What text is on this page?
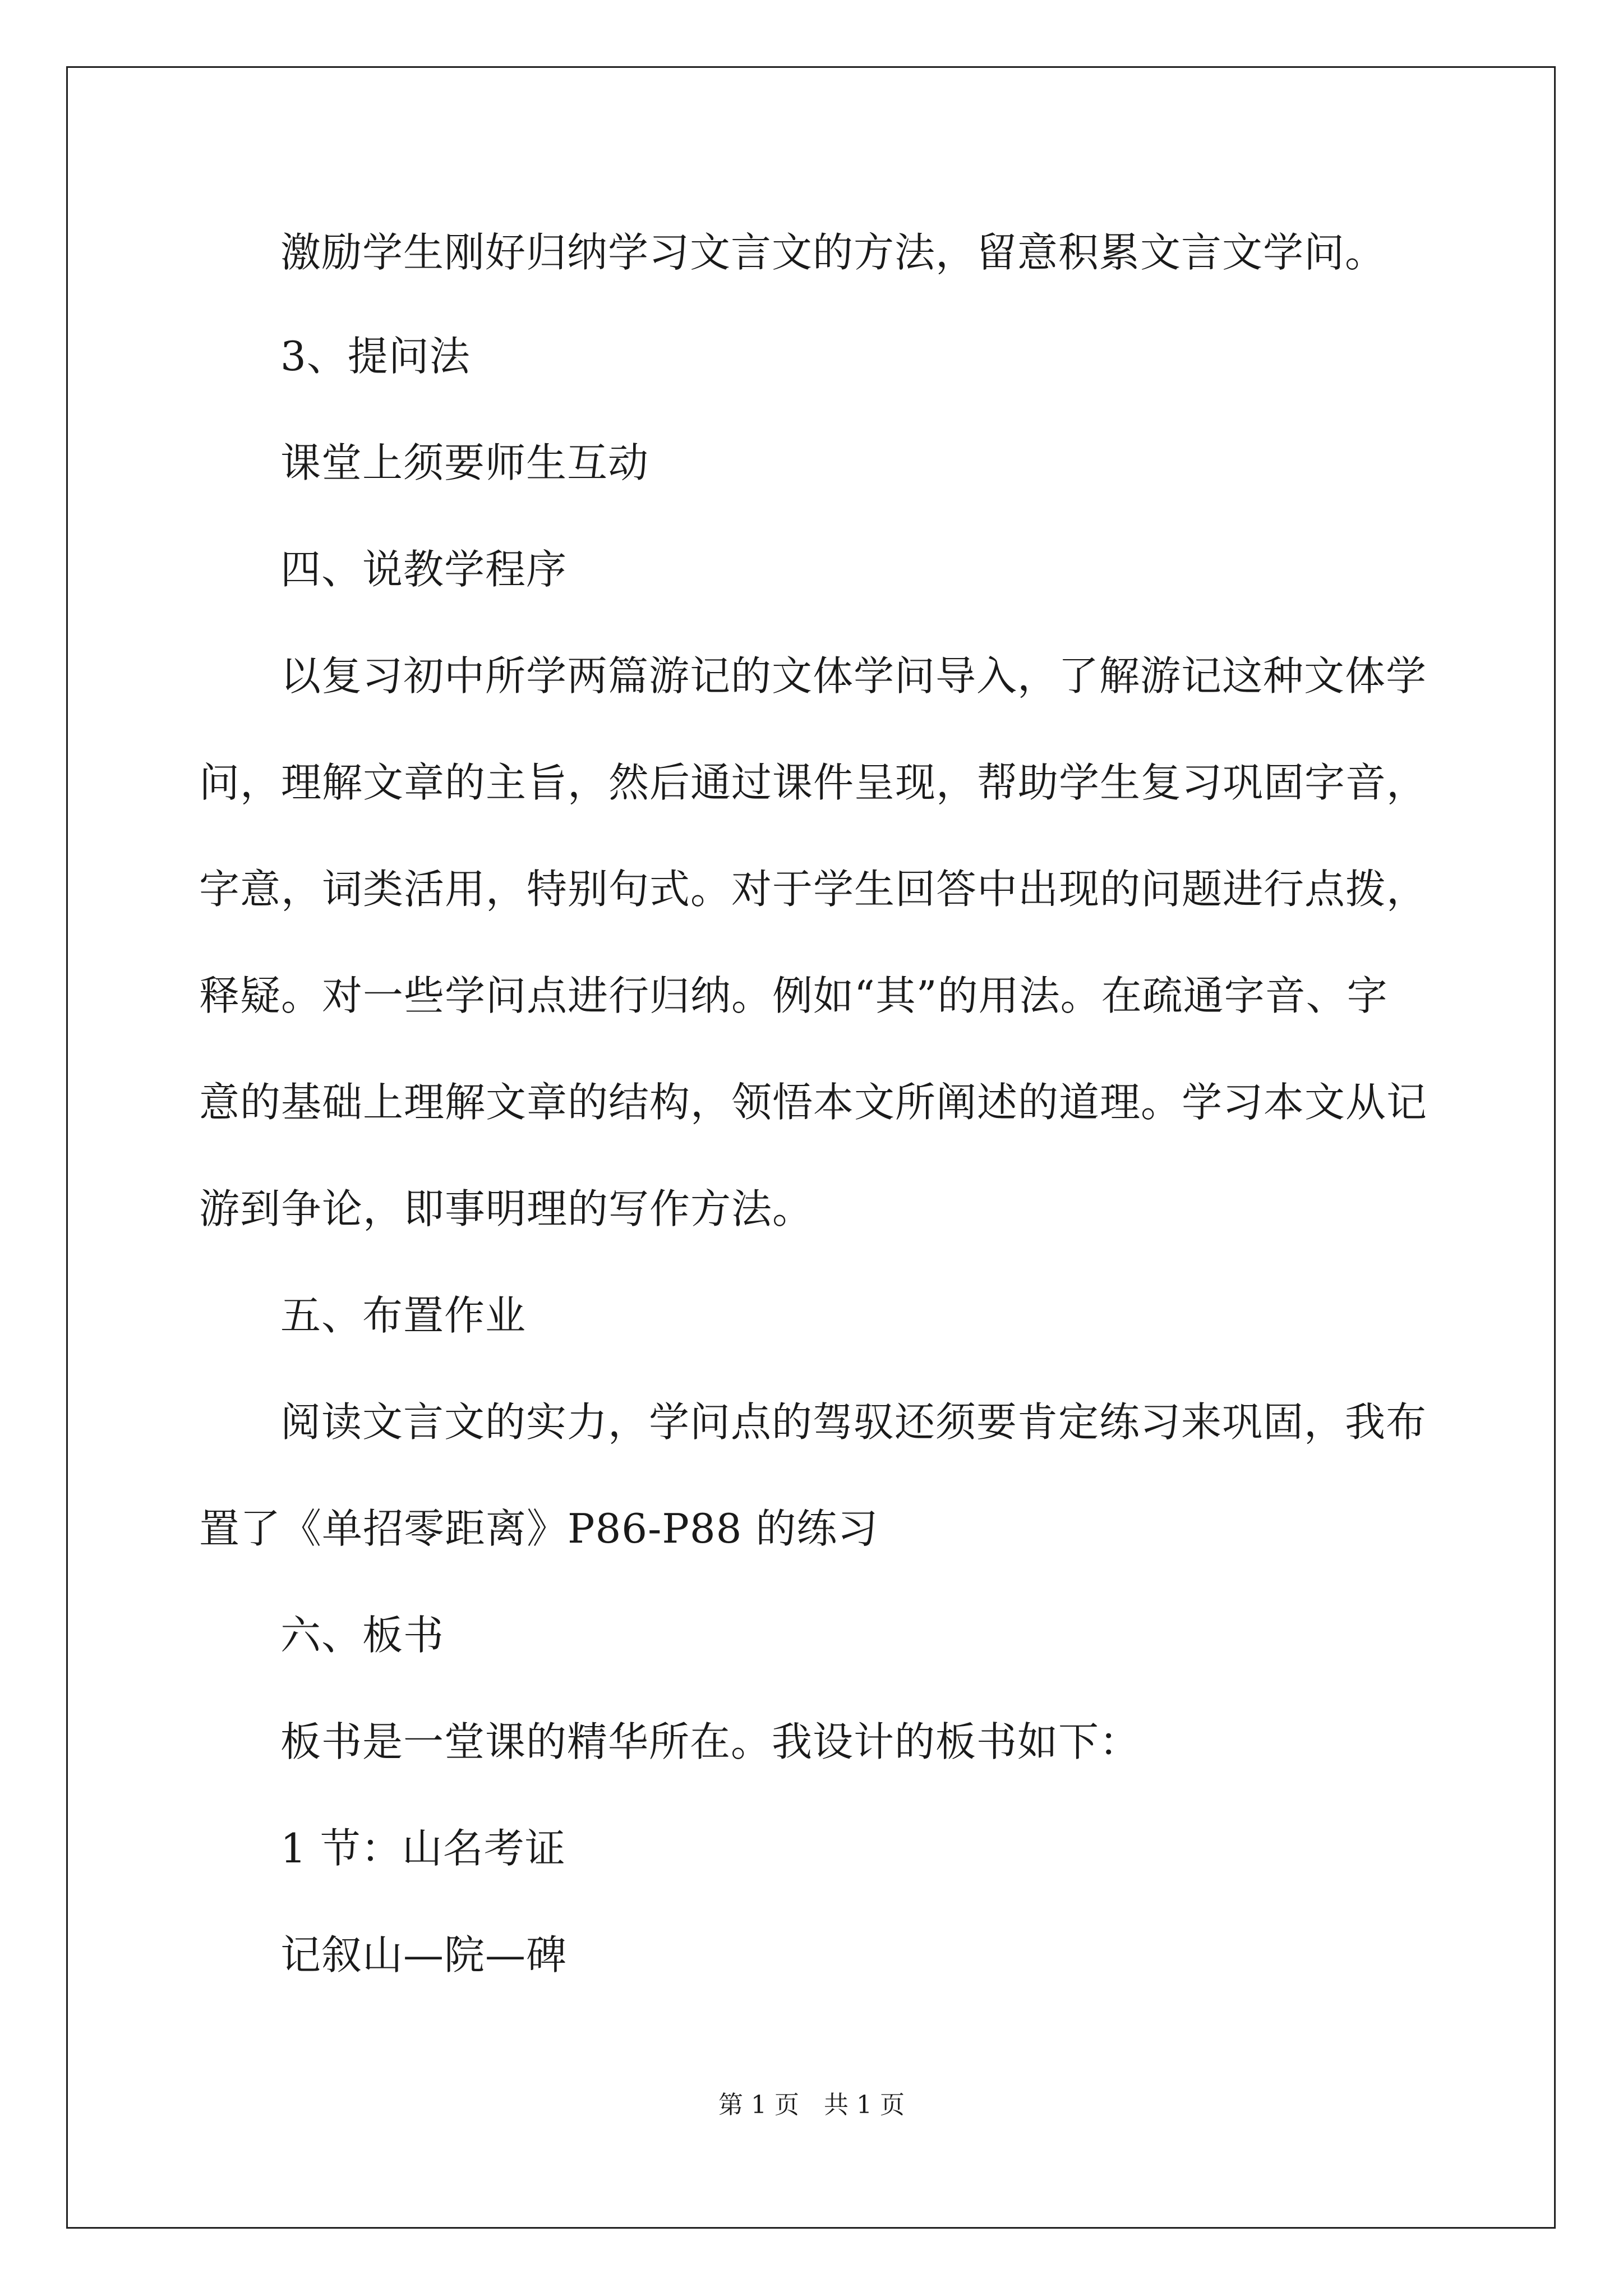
激励学生刚好归纳学习文言文的方法，留意积累文言文学问。
3、提问法
课堂上须要师生互动
四、说教学程序
以复习初中所学两篇游记的文体学问导入，了解游记这种文体学
问，理解文章的主旨，然后通过课件呈现，帮助学生复习巩固字音，
字意，词类活用，特别句式。对于学生回答中出现的问题进行点拨，
释疑。对一些学问点进行归纳。例如“其”的用法。在疏通字音、字
意的基础上理解文章的结构，领悟本文所阐述的道理。学习本文从记
游到争论，即事明理的写作方法。
五、布置作业
阅读文言文的实力，学问点的驾驭还须要肯定练习来巩固，我布
置了《单招零距离》P86-P88 的练习
六、板书
板书是一堂课的精华所在。我设计的板书如下：
1 节：山名考证
记叙山—院—碑
第 1 页 共 1 页
